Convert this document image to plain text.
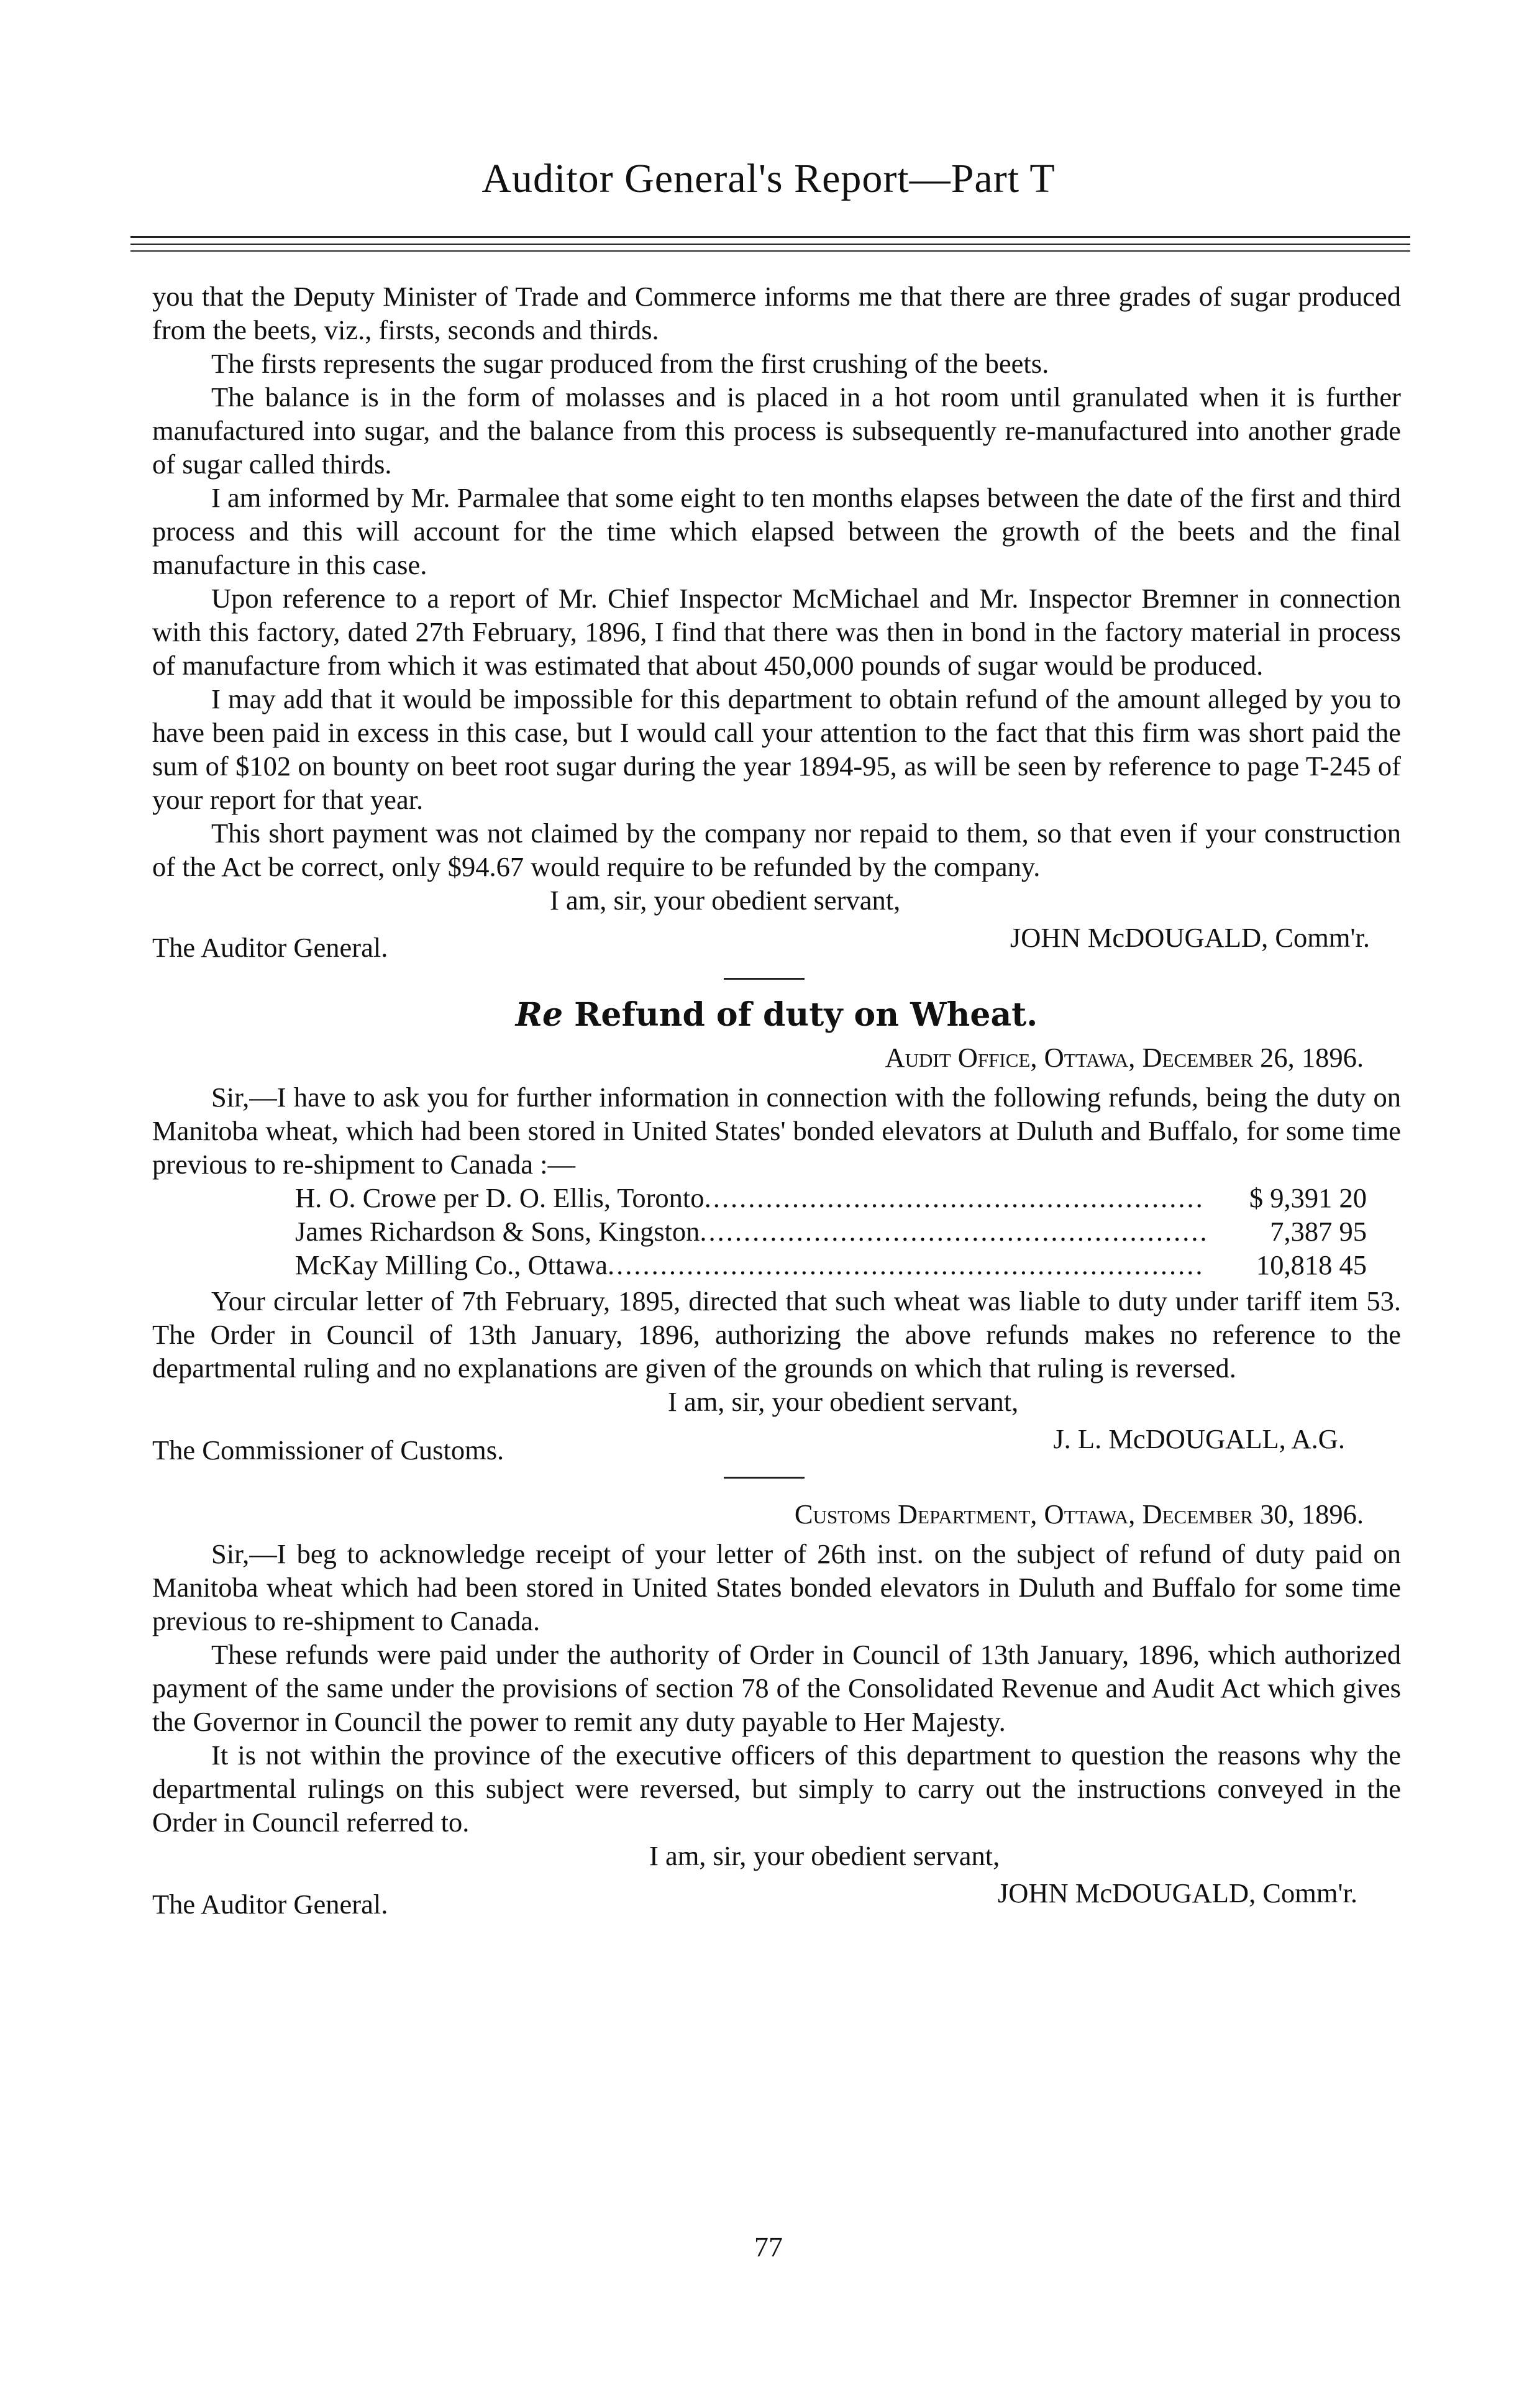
Auditor General's Report—Part T

you that the Deputy Minister of Trade and Commerce informs me that there are three grades of sugar produced from the beets, viz., firsts, seconds and thirds.

The firsts represents the sugar produced from the first crushing of the beets.

The balance is in the form of molasses and is placed in a hot room until granulated when it is further manufactured into sugar, and the balance from this process is subsequently re-manufactured into another grade of sugar called thirds.

I am informed by Mr. Parmalee that some eight to ten months elapses between the date of the first and third process and this will account for the time which elapsed between the growth of the beets and the final manufacture in this case.

Upon reference to a report of Mr. Chief Inspector McMichael and Mr. Inspector Bremner in connection with this factory, dated 27th February, 1896, I find that there was then in bond in the factory material in process of manufacture from which it was estimated that about 450,000 pounds of sugar would be produced.

I may add that it would be impossible for this department to obtain refund of the amount alleged by you to have been paid in excess in this case, but I would call your attention to the fact that this firm was short paid the sum of $102 on bounty on beet root sugar during the year 1894-95, as will be seen by reference to page T-245 of your report for that year.

This short payment was not claimed by the company nor repaid to them, so that even if your construction of the Act be correct, only $94.67 would require to be refunded by the company.

I am, sir, your obedient servant,
The Auditor General.	JOHN McDOUGALD, Comm'r.
Re Refund of duty on Wheat.
Audit Office, Ottawa, December 26, 1896.

Sir,—I have to ask you for further information in connection with the following refunds, being the duty on Manitoba wheat, which had been stored in United States' bonded elevators at Duluth and Buffalo, for some time previous to re-shipment to Canada :—

H. O. Crowe per D. O. Ellis, Toronto .....	$ 9,391 20
James Richardson & Sons, Kingston .....	7,387 95
McKay Milling Co., Ottawa .....	10,818 45

Your circular letter of 7th February, 1895, directed that such wheat was liable to duty under tariff item 53. The Order in Council of 13th January, 1896, authorizing the above refunds makes no reference to the departmental ruling and no explanations are given of the grounds on which that ruling is reversed.

I am, sir, your obedient servant,
The Commissioner of Customs.	J. L. McDOUGALL, A.G.
Customs Department, Ottawa, December 30, 1896.

Sir,—I beg to acknowledge receipt of your letter of 26th inst. on the subject of refund of duty paid on Manitoba wheat which had been stored in United States bonded elevators in Duluth and Buffalo for some time previous to re-shipment to Canada.

These refunds were paid under the authority of Order in Council of 13th January, 1896, which authorized payment of the same under the provisions of section 78 of the Consolidated Revenue and Audit Act which gives the Governor in Council the power to remit any duty payable to Her Majesty.

It is not within the province of the executive officers of this department to question the reasons why the departmental rulings on this subject were reversed, but simply to carry out the instructions conveyed in the Order in Council referred to.

I am, sir, your obedient servant,
The Auditor General.	JOHN McDOUGALD, Comm'r.
77
